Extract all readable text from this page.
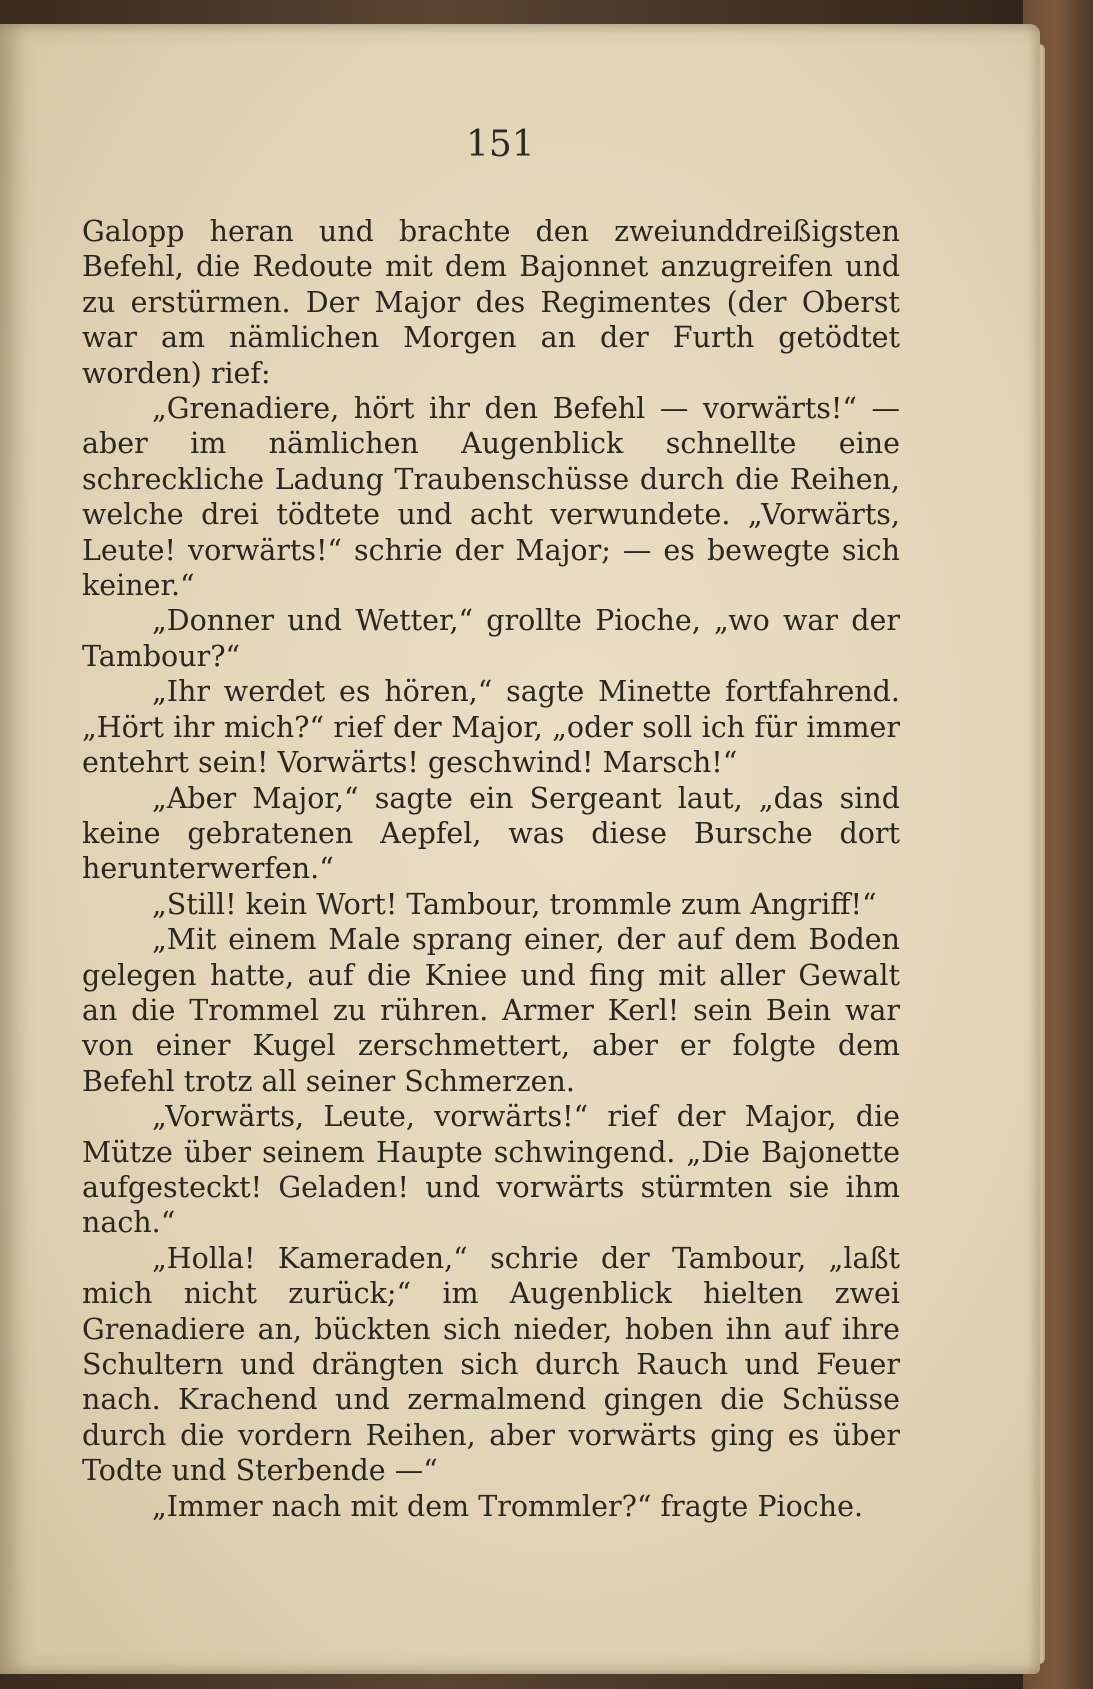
151

Galopp heran und brachte den zweiunddreißigsten Befehl, die Redoute mit dem Bajonnet anzugreifen und zu erstürmen. Der Major des Regimentes (der Oberst war am nämlichen Morgen an der Furth getödtet worden) rief:

„Grenadiere, hört ihr den Befehl — vorwärts!“ — aber im nämlichen Augenblick schnellte eine schreckliche Ladung Traubenschüsse durch die Reihen, welche drei tödtete und acht verwundete. „Vorwärts, Leute! vorwärts!“ schrie der Major; — es bewegte sich keiner.“

„Donner und Wetter,“ grollte Pioche, „wo war der Tambour?“

„Ihr werdet es hören,“ sagte Minette fortfahrend. „Hört ihr mich?“ rief der Major, „oder soll ich für immer entehrt sein! Vorwärts! geschwind! Marsch!“

„Aber Major,“ sagte ein Sergeant laut, „das sind keine gebratenen Aepfel, was diese Bursche dort herunterwerfen.“

„Still! kein Wort! Tambour, trommle zum Angriff!“

„Mit einem Male sprang einer, der auf dem Boden gelegen hatte, auf die Kniee und fing mit aller Gewalt an die Trommel zu rühren. Armer Kerl! sein Bein war von einer Kugel zerschmettert, aber er folgte dem Befehl trotz all seiner Schmerzen.

„Vorwärts, Leute, vorwärts!“ rief der Major, die Mütze über seinem Haupte schwingend. „Die Bajonette aufgesteckt! Geladen! und vorwärts stürmten sie ihm nach.“

„Holla! Kameraden,“ schrie der Tambour, „laßt mich nicht zurück;“ im Augenblick hielten zwei Grenadiere an, bückten sich nieder, hoben ihn auf ihre Schultern und drängten sich durch Rauch und Feuer nach. Krachend und zermalmend gingen die Schüsse durch die vordern Reihen, aber vorwärts ging es über Todte und Sterbende —“

„Immer nach mit dem Trommler?“ fragte Pioche.
